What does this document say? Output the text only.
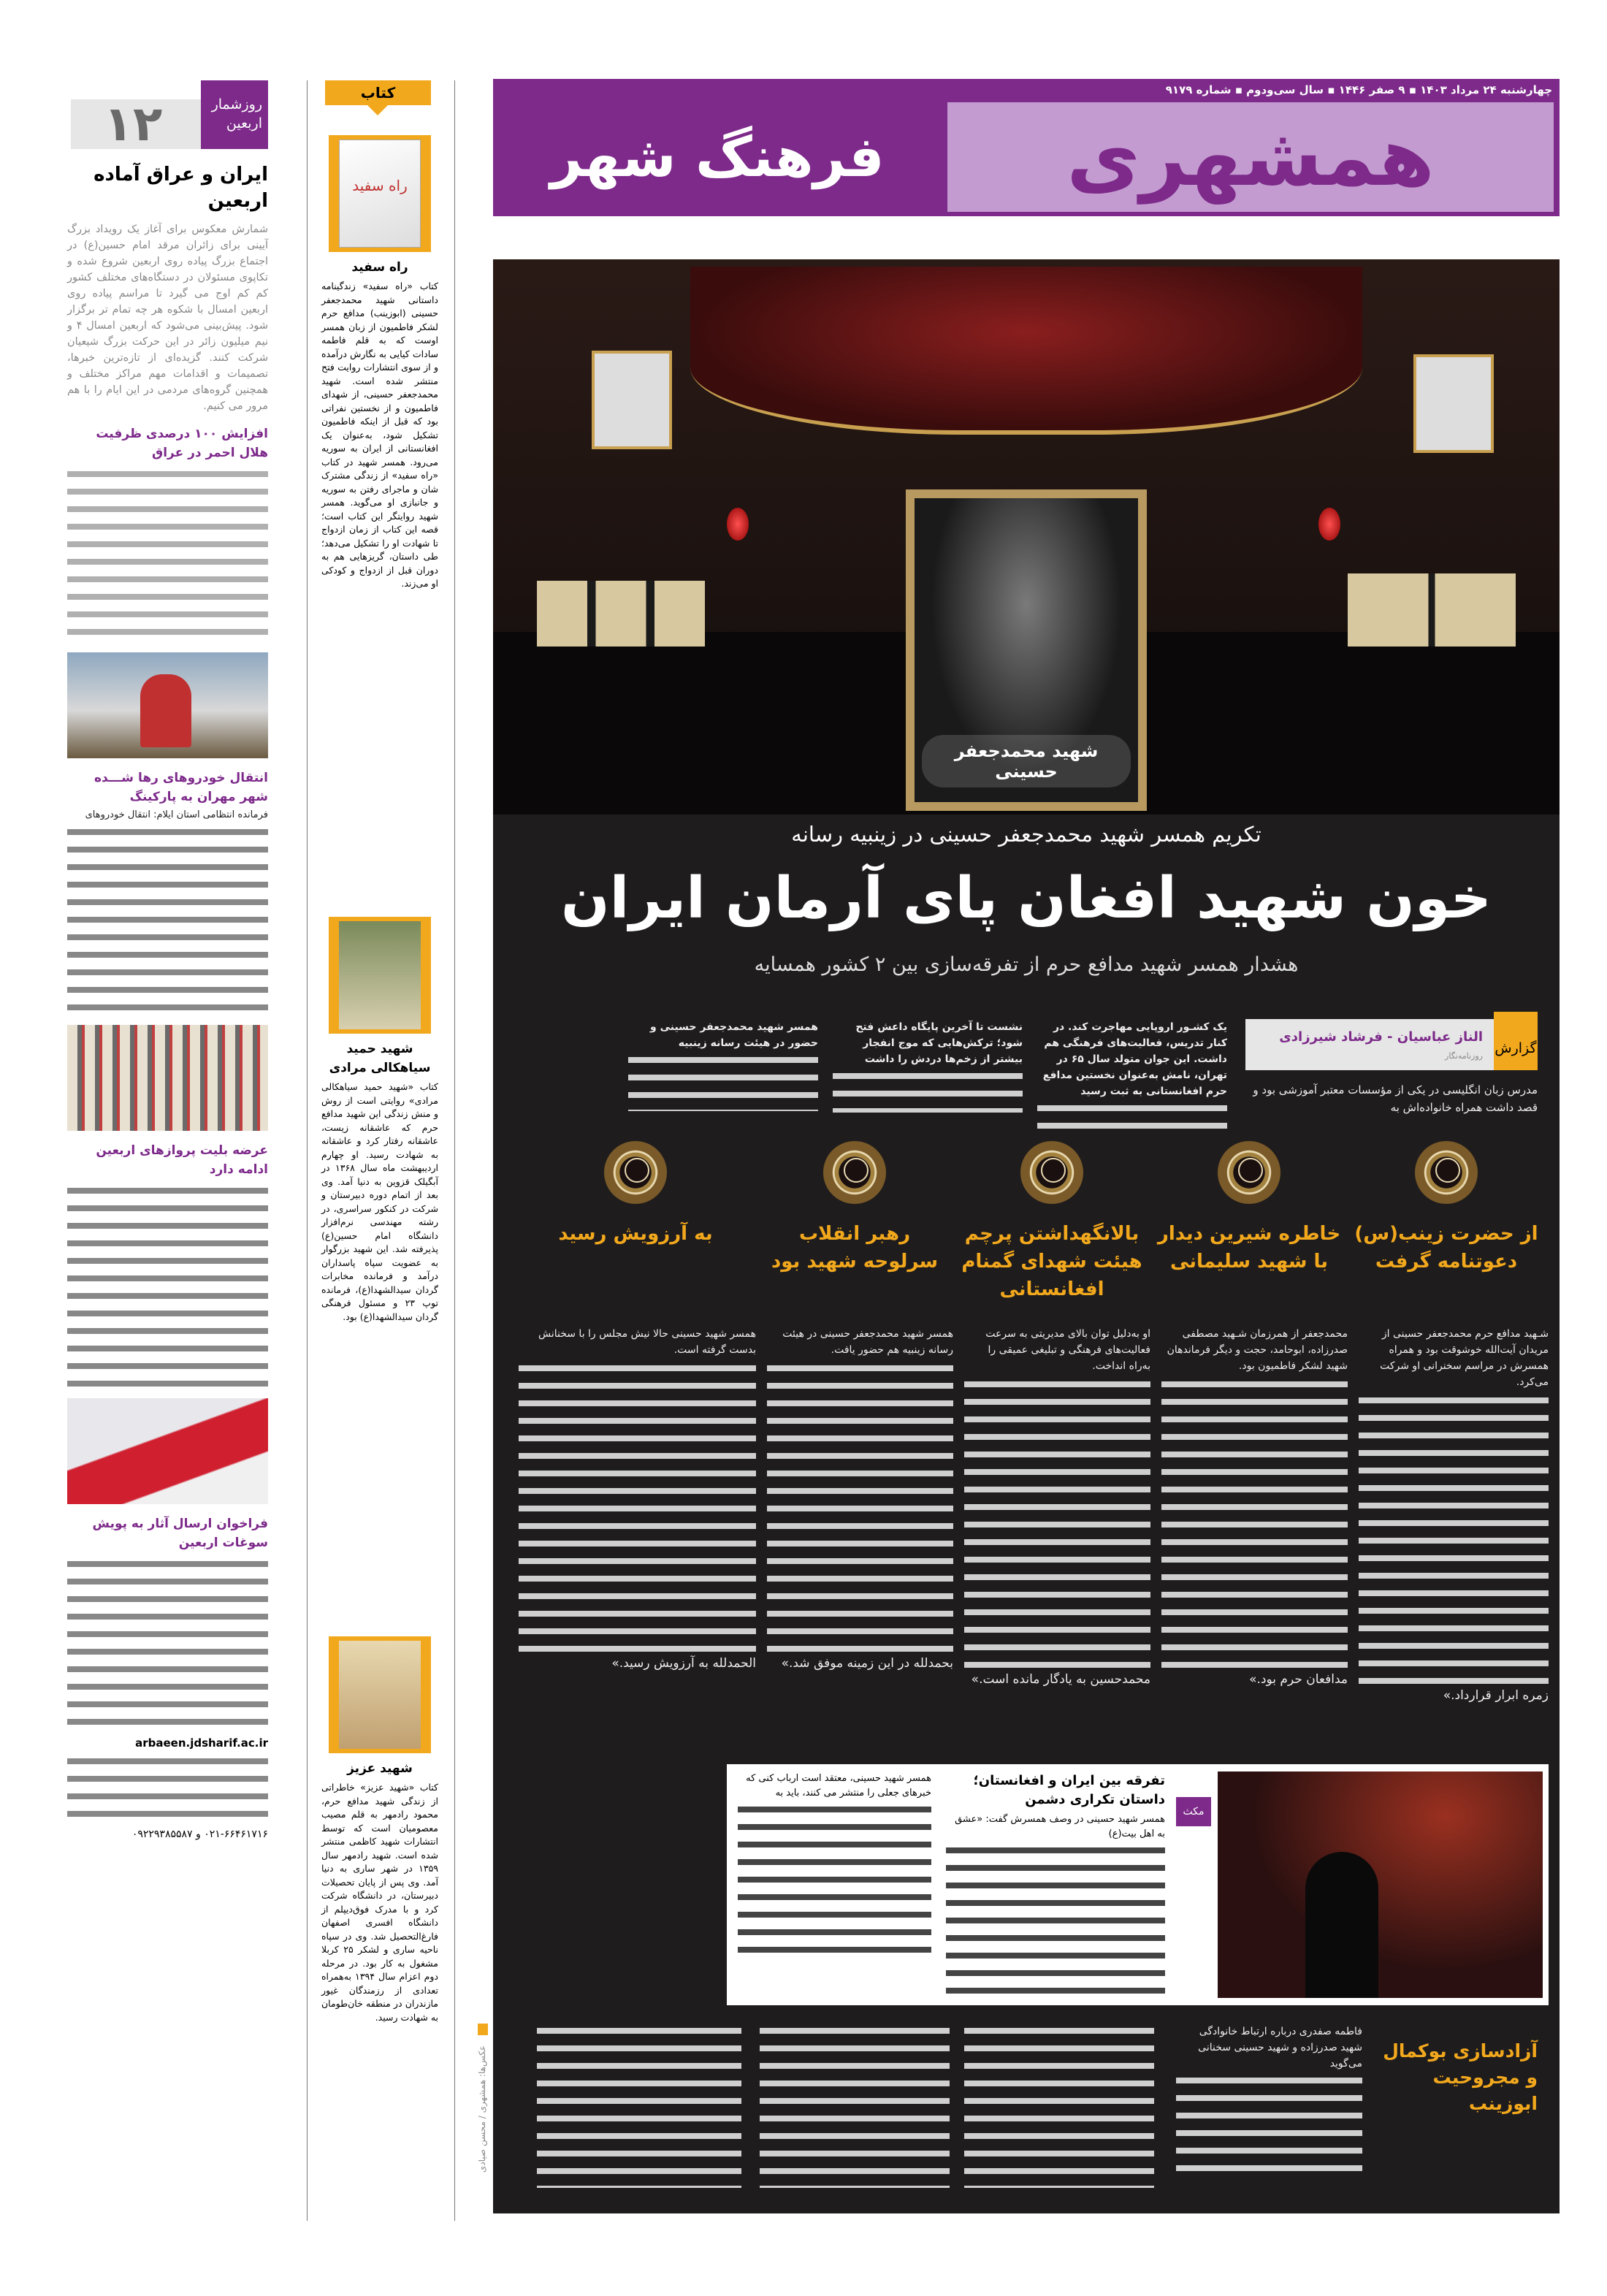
چهارشنبه ۲۴ مرداد ۱۴۰۳ ▪ ۹ صفر ۱۴۴۶ ▪ سال سی‌ودوم ▪ شماره ۹۱۷۹
همشهری
فرهنگ شهر
۱۲	روزشمار اربعین
ایران و عراق آماده اربعین

شمارش معکوس برای آغاز یک رویداد بزرگ آیینی برای زائران مرقد امام حسین(ع) در اجتماع بزرگ پیاده روی اربعین شروع شده و تکاپوی مسئولان در دستگاه‌های مختلف کشور کم کم اوج می گیرد تا مراسم پیاده روی اربعین امسال با شکوه هر چه تمام تر برگزار شود. پیش‌بینی می‌شود که اربعین امسال ۴ و نیم میلیون زائر در این حرکت بزرگ شیعیان شرکت کنند. گزیده‌ای از تازه‌ترین خبرها، تصمیمات و اقدامات مهم مراکز مختلف و همچنین گروه‌های مردمی در این ایام را با هم مرور می کنیم.

افزایش ۱۰۰ درصدی ظرفیت هلال احمر در عراق
انتقال خودروهای رها شـــده شهر مهران به پارکینگ

فرمانده انتظامی استان ایلام: انتقال خودروهای

عرضه بلیت پروازهای اربعین ادامه دارد
فراخوان ارسال آثار به پویش سوغات اربعین

arbaeen.jdsharif.ac.ir

۰۲۱-۶۶۴۶۱۷۱۶ و ۰۹۲۲۹۳۸۵۵۸۷

کتاب
راه سفید
راه سفید

کتاب «راه سفید» زندگینامه داستانی شهید محمدجعفر حسینی (ابوزینب) مدافع حرم لشکر فاطمیون از زبان همسر اوست که به قلم فاطمه سادات کیایی به نگارش درآمده و از سوی انتشارات روایت فتح منتشر شده است. شهید محمدجعفر حسینی، از شهدای فاطمیون و از نخستین نفراتی بود که قبل از اینکه فاطمیون تشکیل شود، به‌عنوان یک افغانستانی از ایران به سوریه می‌رود. همسر شهید در کتاب «راه سفید» از زندگی مشترک شان و ماجرای رفتن به سوریه و جانبازی او می‌گوید. همسر شهید روایتگر این کتاب است؛ قصه این کتاب از زمان ازدواج تا شهادت او را تشکیل می‌دهد؛ طی داستان، گریزهایی هم به دوران قبل از ازدواج و کودکی او می‌زند.

شهید حمید سیاهکالی مرادی

کتاب «شهید حمید سیاهکالی مرادی» روایتی است از روش و منش زندگی این شهید مدافع حرم که عاشقانه زیست، عاشقانه رفتار کرد و عاشقانه به شهادت رسید. او چهارم اردیبهشت ماه سال ۱۳۶۸ در آبگیلک قزوین به دنیا آمد. وی بعد از اتمام دوره دبیرستان و شرکت در کنکور سراسری، در رشته مهندسی نرم‌افزار دانشگاه امام حسین(ع) پذیرفته شد. این شهید بزرگوار به عضویت سپاه پاسداران درآمد و فرمانده مخابرات گردان سیدالشهدا(ع)، فرمانده توپ ۲۳ و مسئول فرهنگی گردان سیدالشهدا(ع) بود.

شهید عزیز

کتاب «شهید عزیز» خاطراتی از زندگی شهید مدافع حرم، محمود رادمهر به قلم مصیب معصومیان است که توسط انتشارات شهید کاظمی منتشر شده است. شهید رادمهر سال ۱۳۵۹ در شهر ساری به دنیا آمد. وی پس از پایان تحصیلات دبیرستان، در دانشگاه شرکت کرد و با مدرک فوق‌دیپلم از دانشگاه افسری اصفهان فارغ‌التحصیل شد. وی در سپاه ناحیه ساری و لشکر ۲۵ کربلا مشغول به کار بود. در مرحله دوم اعزام سال ۱۳۹۴ به‌همراه تعدادی از رزمندگان غیور مازندران در منطقه خان‌طومان به شهادت رسید.

عکس‌ها: همشهری / محسن صیادی
شهید محمدجعفر حسینی
تکریم همسر شهید محمدجعفر حسینی در زینبیه رسانه
خون شهید افغان پای آرمان ایران
هشدار همسر شهید مدافع حرم از تفرقه‌سازی بین ۲ کشور همسایه
گزارش
الناز عباسیان - فرشاد شیرزادی
روزنامه‌نگار

مدرس زبان انگلیسی در یکی از مؤسسات معتبر آموزشی بود و قصد داشت همراه خانواده‌اش به

یک کشـور اروپایی مهاجرت کند. در کنار تدریس، فعالیت‌های فرهنگی هم داشت. این جوان متولد سال ۶۵ در تهران، نامش به‌عنوان نخستین مدافع حرم افغانستانی به ثبت رسید

نشست تا آخرین پایگاه داعش فتح شود؛ ترکش‌هایی که موج انفجار بیشتر از زخم‌ها دردش را داشت

همسر شهید محمدجعفر حسینی و حضور در هیئت رسانه زینبیه

از حضرت زینب(س) دعوتنامه گرفت
خاطره شیرین دیدار با شهید سلیمانی
بالانگهداشتن پرچم هیئت شهدای گمنام افغانستانی
رهبر انقلاب سرلوحه شهید بود
به آرزویش رسید

شـهید مدافع حرم محمدجعفر حسینی از مریدان آیت‌الله خوشوقت بود و همراه همسرش در مراسم سخنرانی او شرکت می‌کرد.

زمره ابرار قرارداد.»

محمدجعفر از همرزمان شـهید مصطفی صدرزاده، ابوحامد، حجت و دیگر فرماندهان شهید لشکر فاطمیون بود.

مدافعان حرم بود.»

او به‌دلیل توان بالای مدیریتی به سرعت فعالیت‌های فرهنگی و تبلیغی عمیقی را به‌راه انداخت.

محمدحسین به یادگار مانده است.»

همسر شهید محمدجعفر حسینی در هیئت رسانه زینبیه هم حضور یافت.

بحمدلله در این زمینه موفق شد.»

همسر شهید حسینی حالا نیش مجلس را با سخنانش بدست گرفته است.

الحمدلله به آرزویش رسید.»

مکث
تفرقه بین ایران و افغانستان؛ داستان تکراری دشمن

همسر شهید حسینی در وصف همسرش گفت: «عشق به اهل بیت(ع)

همسر شهید حسینی، معتقد است ارباب کنی که خبرهای جعلی را منتشر می کنند، باید به

آزادسازی بوکمال و مجروحیت ابوزینب

فاطمه صفدری درباره ارتباط خانوادگی شهید صدرزاده و شهید حسینی سخنانی می‌گوید
